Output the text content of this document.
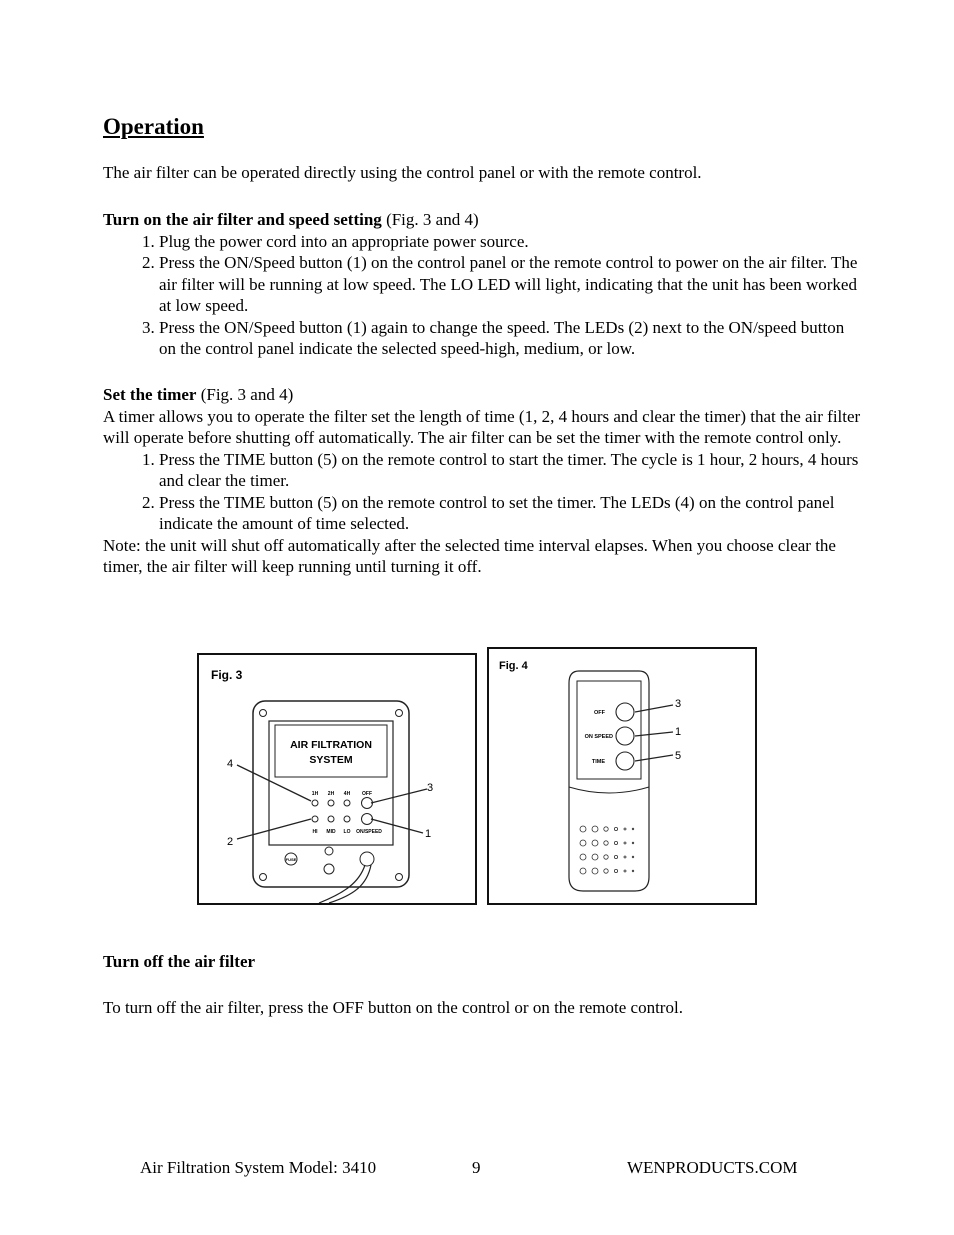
Operation

The air filter can be operated directly using the control panel or with the remote control.

Turn on the air filter and speed setting (Fig. 3 and 4)
1. Plug the power cord into an appropriate power source.
2. Press the ON/Speed button (1) on the control panel or the remote control to power on the air filter. The air filter will be running at low speed. The LO LED will light, indicating that the unit has been worked at low speed.
3. Press the ON/Speed button (1) again to change the speed. The LEDs (2) next to the ON/speed button on the control panel indicate the selected speed-high, medium, or low.
Set the timer (Fig. 3 and 4)

A timer allows you to operate the filter set the length of time (1, 2, 4 hours and clear the timer) that the air filter will operate before shutting off automatically. The air filter can be set the timer with the remote control only.

1. Press the TIME button (5) on the remote control to start the timer. The cycle is 1 hour, 2 hours, 4 hours and clear the timer.
2. Press the TIME button (5) on the remote control to set the timer. The LEDs (4) on the control panel indicate the amount of time selected.

Note: the unit will shut off automatically after the selected time interval elapses. When you choose clear the timer, the air filter will keep running until turning it off.

Fig. 3
AIR FILTRATION
SYSTEM
1H 2H 4H OFF
HI MID LO ON/SPEED
4
3
2
1
FUSE
Fig. 4
OFF
ON SPEED
TIME
3
1
5
Turn off the air filter

To turn off the air filter, press the OFF button on the control or on the remote control.

Air Filtration System Model: 3410	9	WENPRODUCTS.COM
